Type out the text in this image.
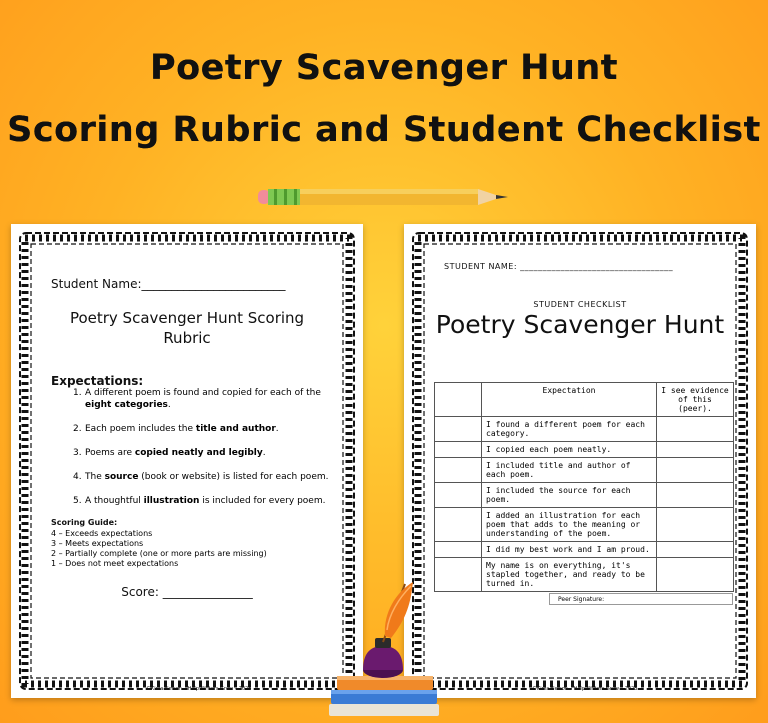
Poetry Scavenger Hunt
Scoring Rubric and Student Checklist
Student Name:________________________
Poetry Scavenger Hunt Scoring Rubric
Expectations:
1. A different poem is found and copied for each of the eight categories.
2. Each poem includes the title and author.
3. Poems are copied neatly and legibly.
4. The source (book or website) is listed for each poem.
5. A thoughtful illustration is included for every poem.
Scoring Guide:
4 – Exceeds expectations
3 – Meets expectations
2 – Partially complete (one or more parts are missing)
1 – Does not meet expectations
Score: _______________
©Kinla Nelson – Help Writers Grow – 2023
STUDENT NAME: __________________________________
STUDENT CHECKLIST
Poetry Scavenger Hunt
	Expectation	I see evidence of this (peer).
	I found a different poem for each category.	
	I copied each poem neatly.	
	I included title and author of each poem.	
	I included the source for each poem.	
	I added an illustration for each poem that adds to the meaning or understanding of the poem.	
	I did my best work and I am proud.	
	My name is on everything, it's stapled together, and ready to be turned in.	
Peer Signature:
©Kinla Nelson – Help Writers Grow – 2023
